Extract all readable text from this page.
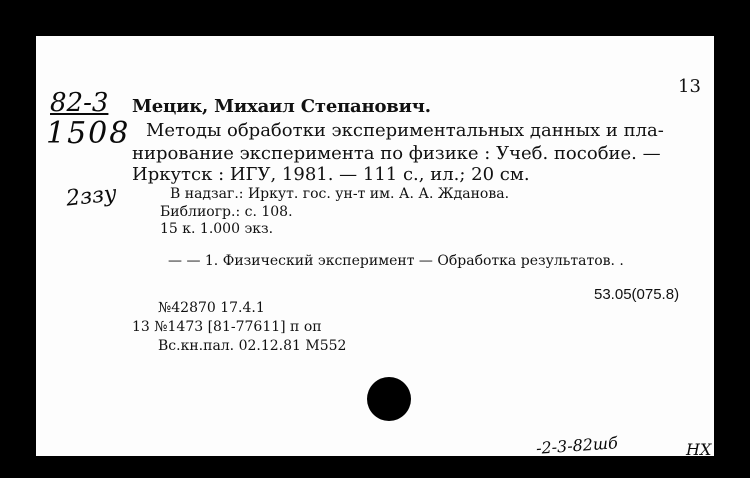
13
82-3
1508
2ззу
Мецик, Михаил Степанович.
Методы обработки экспериментальных данных и пла-
нирование эксперимента по физике : Учеб. пособие. —
Иркутск : ИГУ, 1981. — 111 с., ил.; 20 см.
В надзаг.: Иркут. гос. ун-т им. А. А. Жданова.
Библиогр.: с. 108.
15 к. 1.000 экз.
— — 1. Физический эксперимент — Обработка результатов. .
53.05(075.8)
№42870 17.4.1
13 №1473 [81-77611] п оп
Вс.кн.пал. 02.12.81 М552
-2-3-82шб	НХ
